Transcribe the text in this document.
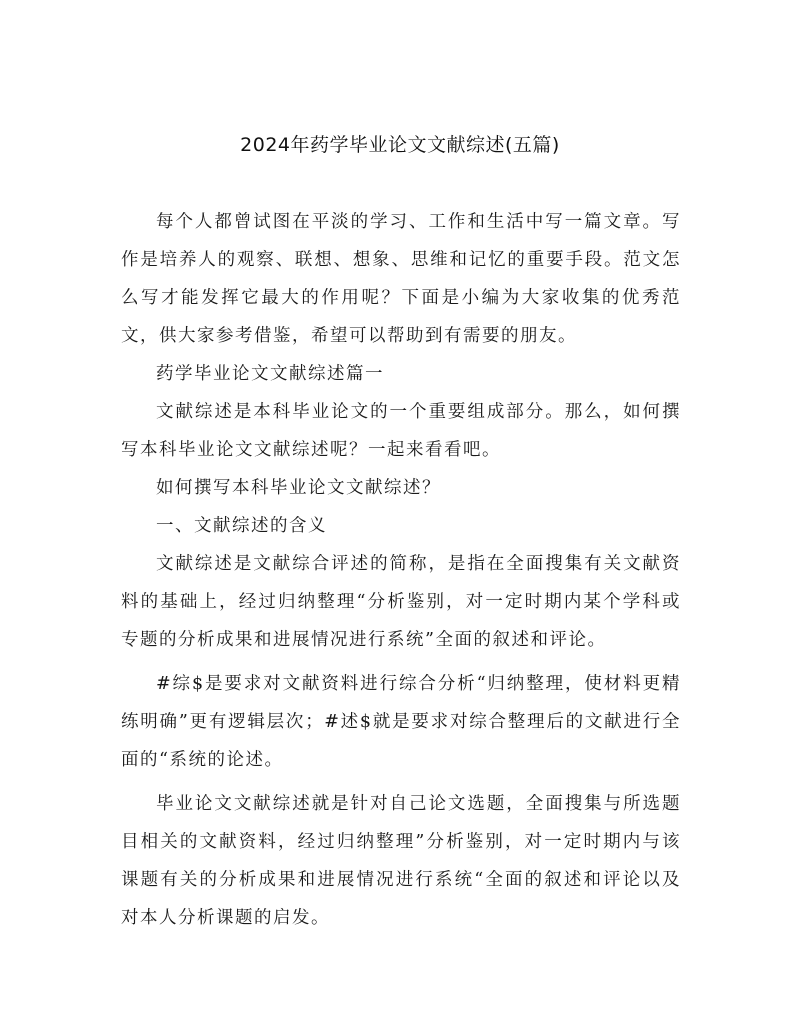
2024年药学毕业论文文献综述(五篇)

每个人都曾试图在平淡的学习、工作和生活中写一篇文章。写作是培养人的观察、联想、想象、思维和记忆的重要手段。范文怎么写才能发挥它最大的作用呢？下面是小编为大家收集的优秀范文，供大家参考借鉴，希望可以帮助到有需要的朋友。

药学毕业论文文献综述篇一

文献综述是本科毕业论文的一个重要组成部分。那么，如何撰写本科毕业论文文献综述呢？一起来看看吧。

如何撰写本科毕业论文文献综述？

一、文献综述的含义

文献综述是文献综合评述的简称，是指在全面搜集有关文献资料的基础上，经过归纳整理“分析鉴别，对一定时期内某个学科或专题的分析成果和进展情况进行系统”全面的叙述和评论。

#综$是要求对文献资料进行综合分析“归纳整理，使材料更精练明确”更有逻辑层次；#述$就是要求对综合整理后的文献进行全面的“系统的论述。

毕业论文文献综述就是针对自己论文选题，全面搜集与所选题目相关的文献资料，经过归纳整理”分析鉴别，对一定时期内与该课题有关的分析成果和进展情况进行系统“全面的叙述和评论以及对本人分析课题的启发。
